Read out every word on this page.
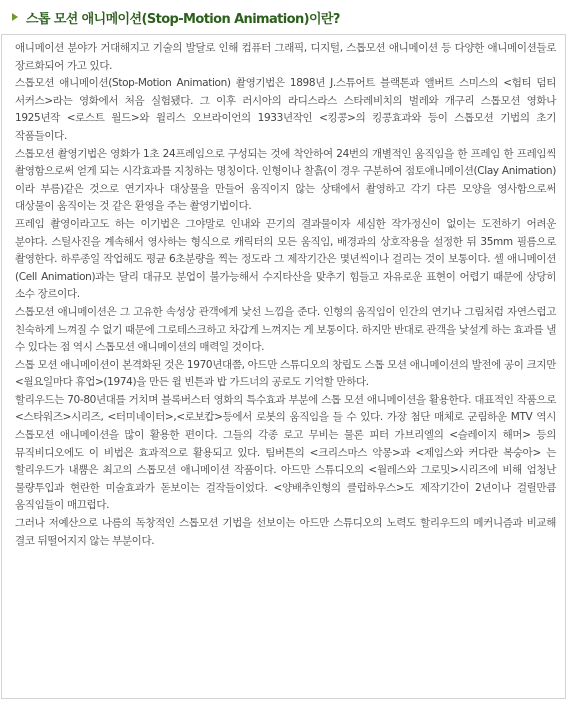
스톱 모션 애니메이션(Stop-Motion Animation)이란?

애니메이션 분야가 거대해지고 기술의 발달로 인해 컴퓨터 그래픽, 디지털, 스톱모션 애니메이션 등 다양한 애니메이션들로 장르화되어 가고 있다.

스톱모션 애니메이션(Stop-Motion Animation) 촬영기법은 1898년 J.스튜어트 블랙톤과 앨버트 스미스의 <험티 덤티 서커스>라는 영화에서 처음 실험됐다. 그 이후 러시아의 라디스라스 스타레비치의 벌레와 개구리 스톱모션 영화나 1925년작 <로스트 월드>와 윌리스 오브라이언의 1933년작인 <킹콩>의 킹콩효과와 등이 스톱모션 기법의 초기 작품들이다.

스톱모션 촬영기법은 영화가 1초 24프레임으로 구성되는 것에 착안하여 24번의 개별적인 움직임을 한 프레임 한 프레임씩 촬영함으로써 얻게 되는 시각효과를 지칭하는 명칭이다. 인형이나 찰흙(이 경우 구분하여 점토애니메이션(Clay Animation)이라 부름)같은 것으로 연기자나 대상물을 만들어 움직이지 않는 상태에서 촬영하고 각기 다른 모양을 영사함으로써 대상물이 움직이는 것 같은 환영을 주는 촬영기법이다.

프레임 촬영이라고도 하는 이기법은 그야말로 인내와 끈기의 결과물이자 세심한 작가정신이 없이는 도전하기 어려운 분야다. 스틸사진을 계속해서 영사하는 형식으로 캐릭터의 모든 움직임, 배경과의 상호작용을 설정한 뒤 35mm 필름으로 촬영한다. 하루종일 작업해도 평균 6초분량을 찍는 정도라 그 제작기간은 몇년씩이나 걸리는 것이 보통이다. 셀 애니메이션(Cell Animation)과는 달리 대규모 분업이 불가능해서 수지타산을 맞추기 힘들고 자유로운 표현이 어렵기 때문에 상당히 소수 장르이다.

스톱모션 애니메이션은 그 고유한 속성상 관객에게 낯선 느낌을 준다. 인형의 움직임이 인간의 연기나 그림처럼 자연스럽고 친숙하게 느껴질 수 없기 때문에 그로테스크하고 차갑게 느껴지는 게 보통이다. 하지만 반대로 관객을 낯설게 하는 효과를 낼 수 있다는 점 역시 스톱모션 애니메이션의 매력일 것이다.

스톱 모션 애니메이션이 본격화된 것은 1970년대쯤, 아드만 스튜디오의 창립도 스톱 모션 애니메이션의 발전에 공이 크지만 <월요일마다 휴업>(1974)을 만든 윌 빈튼과 밥 가드너의 공로도 기억할 만하다.

할리우드는 70-80년대를 거치며 블록버스터 영화의 특수효과 부분에 스톱 모션 애니메이션을 활용한다. 대표적인 작품으로 <스타워즈>시리즈, <터미네이터>,<로보캅>등에서 로봇의 움직임을 들 수 있다. 가장 첨단 매체로 군림하운 MTV 역시 스톱모션 애니메이션을 많이 활용한 편이다. 그들의 각종 로고 무비는 물론 피터 가브리엘의 <슬레이지 해머> 등의 뮤직비디오에도 이 비법은 효과적으로 활용되고 있다. 팀버튼의 <크리스마스 악몽>과 <제임스와 커다란 복숭아> 는 할리우드가 내뿜은 최고의 스톱모션 애니메이션 작품이다. 아드만 스튜디오의 <월레스와 그로밋>시리즈에 비해 엄청난 물량투입과 현란한 미술효과가 돋보이는 걸작들이었다. <양배추인형의 클럽하우스>도 제작기간이 2년이나 걸릴만큼 움직임들이 매끄럽다.

그러나 저예산으로 나름의 독창적인 스톱모션 기법을 선보이는 아드만 스튜디오의 노력도 할리우드의 메커니즘과 비교해 결코 뒤떨어지지 않는 부분이다.
